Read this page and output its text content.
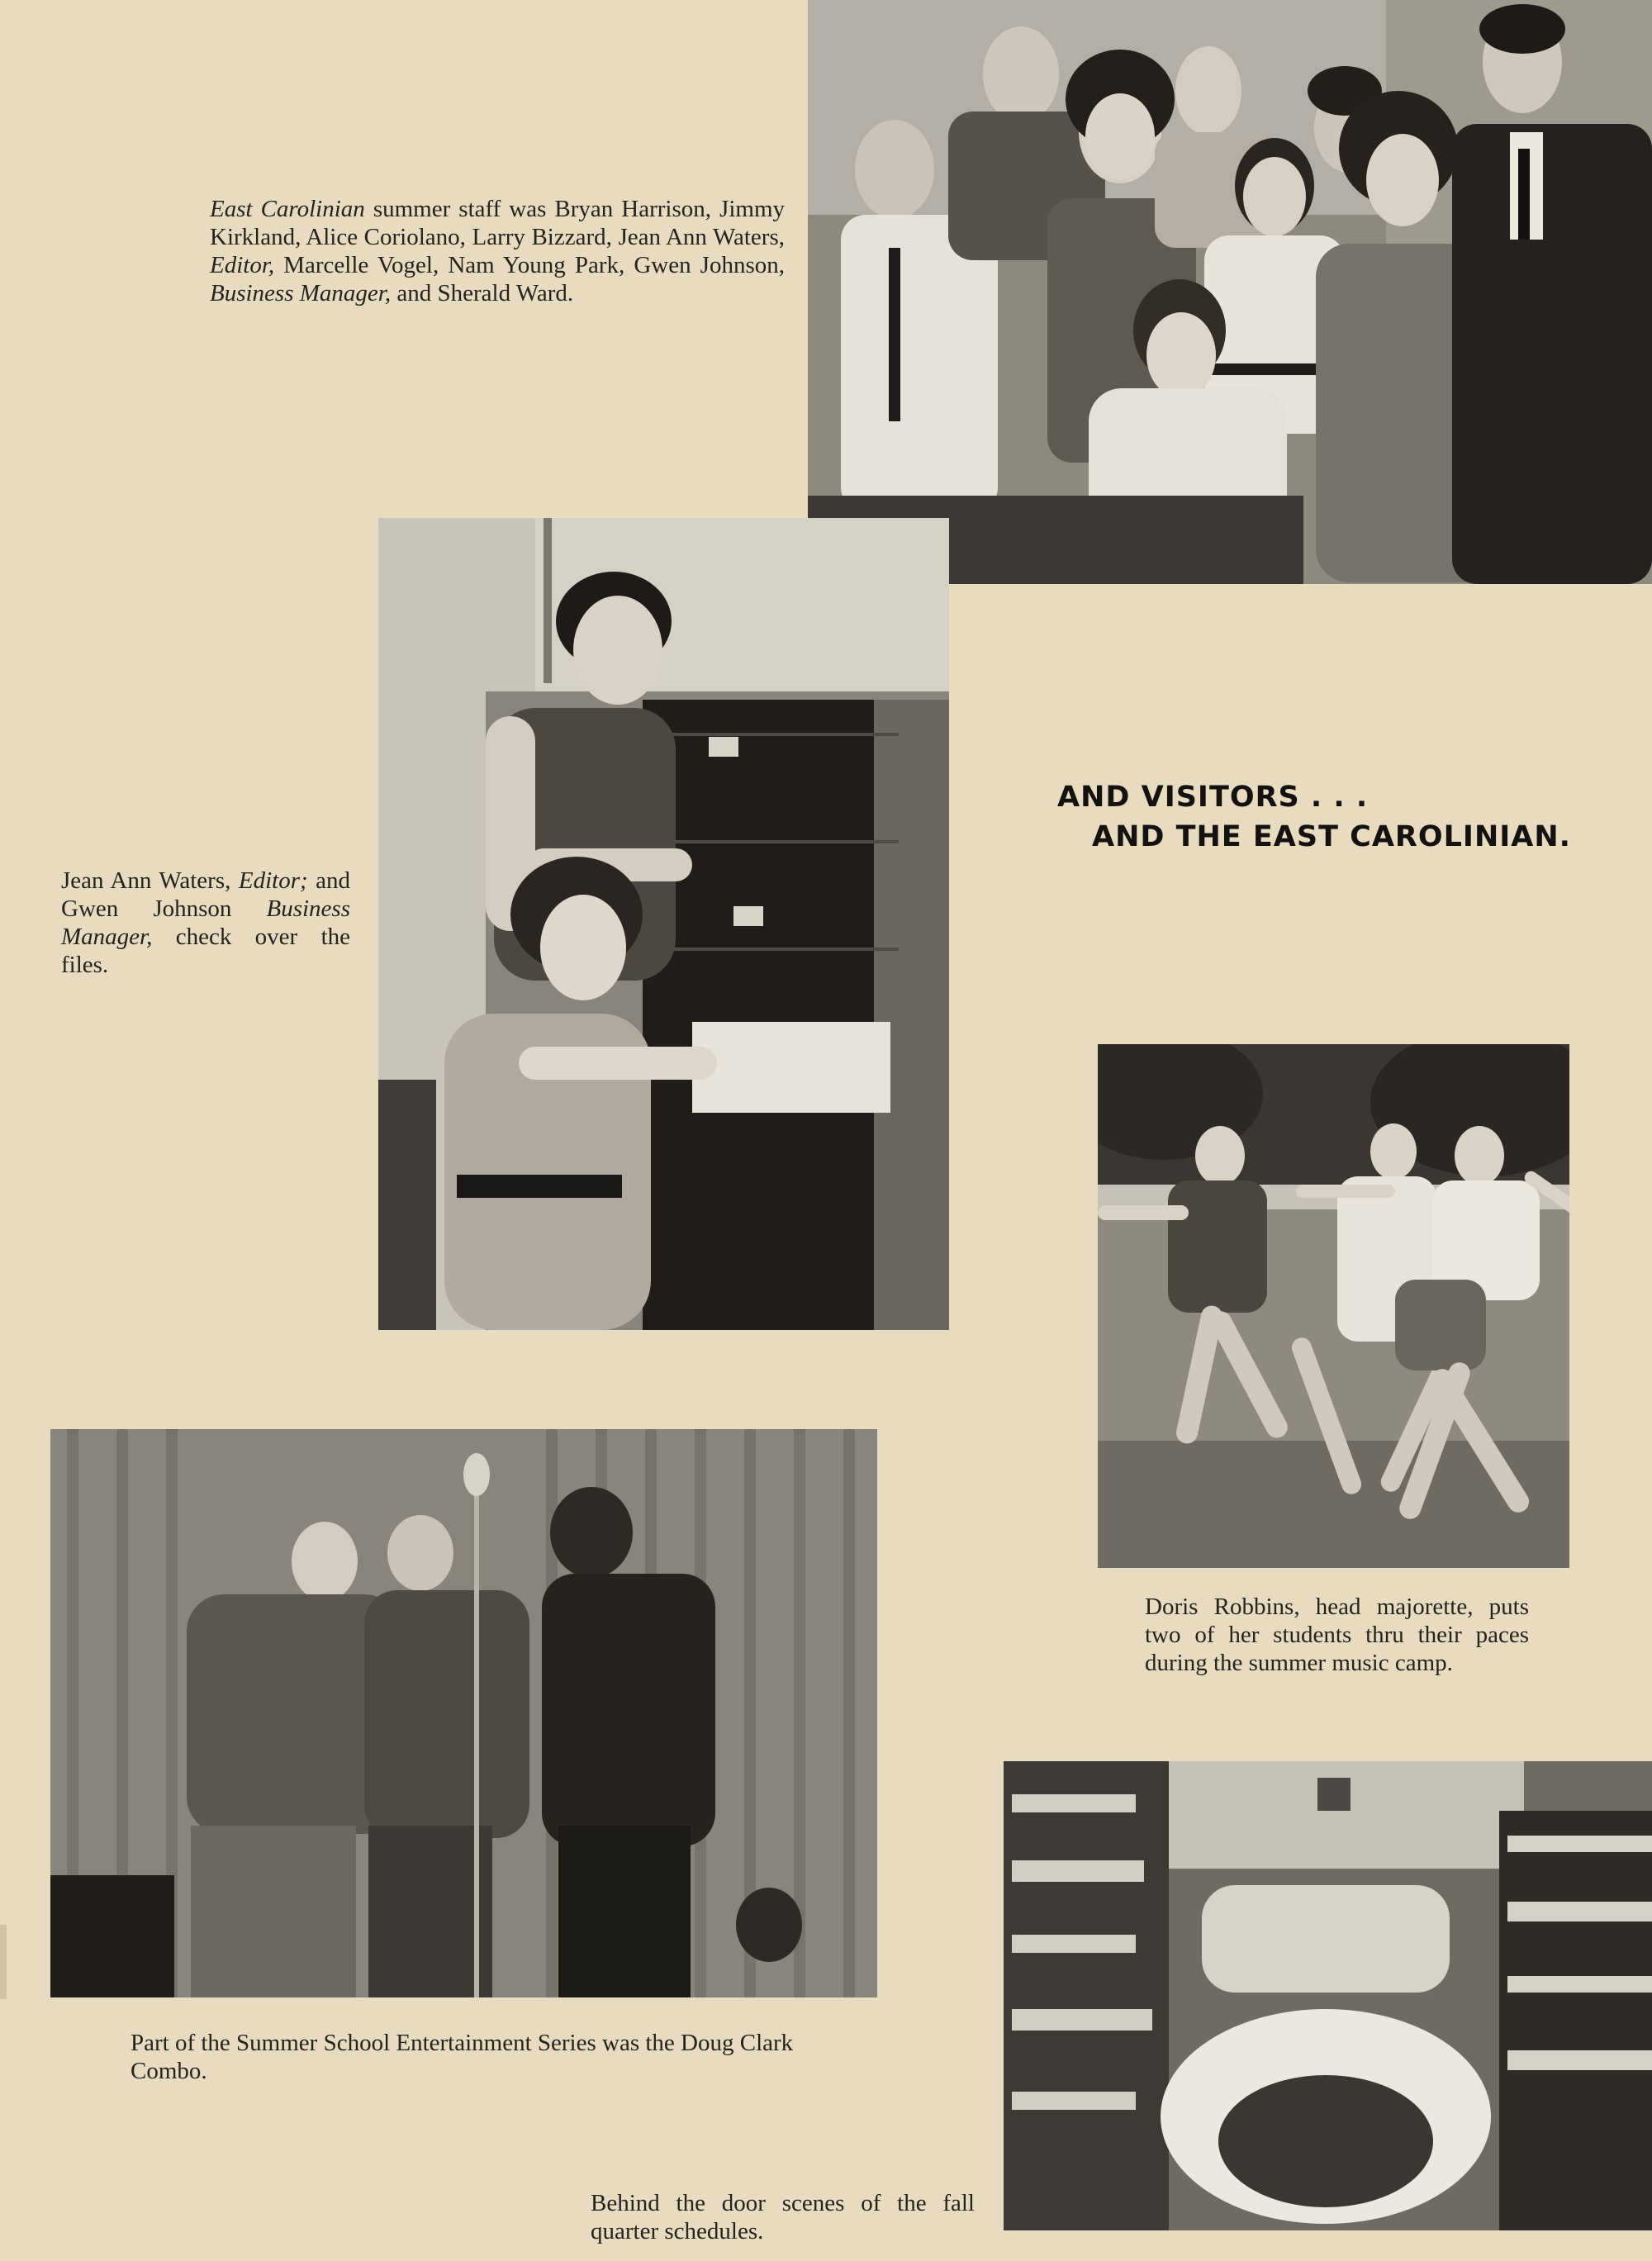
East Carolinian summer staff was Bryan Harrison, Jimmy Kirkland, Alice Coriolano, Larry Bizzard, Jean Ann Waters, Editor, Marcelle Vogel, Nam Young Park, Gwen Johnson, Business Manager, and Sherald Ward.
Jean Ann Waters, Editor; and Gwen Johnson Business Manager, check over the files.
AND VISITORS . . .
AND THE EAST CAROLINIAN.
Doris Robbins, head majorette, puts two of her students thru their paces during the summer music camp.
Part of the Summer School Entertainment Series was the Doug Clark Combo.
Behind the door scenes of the fall quarter schedules.
